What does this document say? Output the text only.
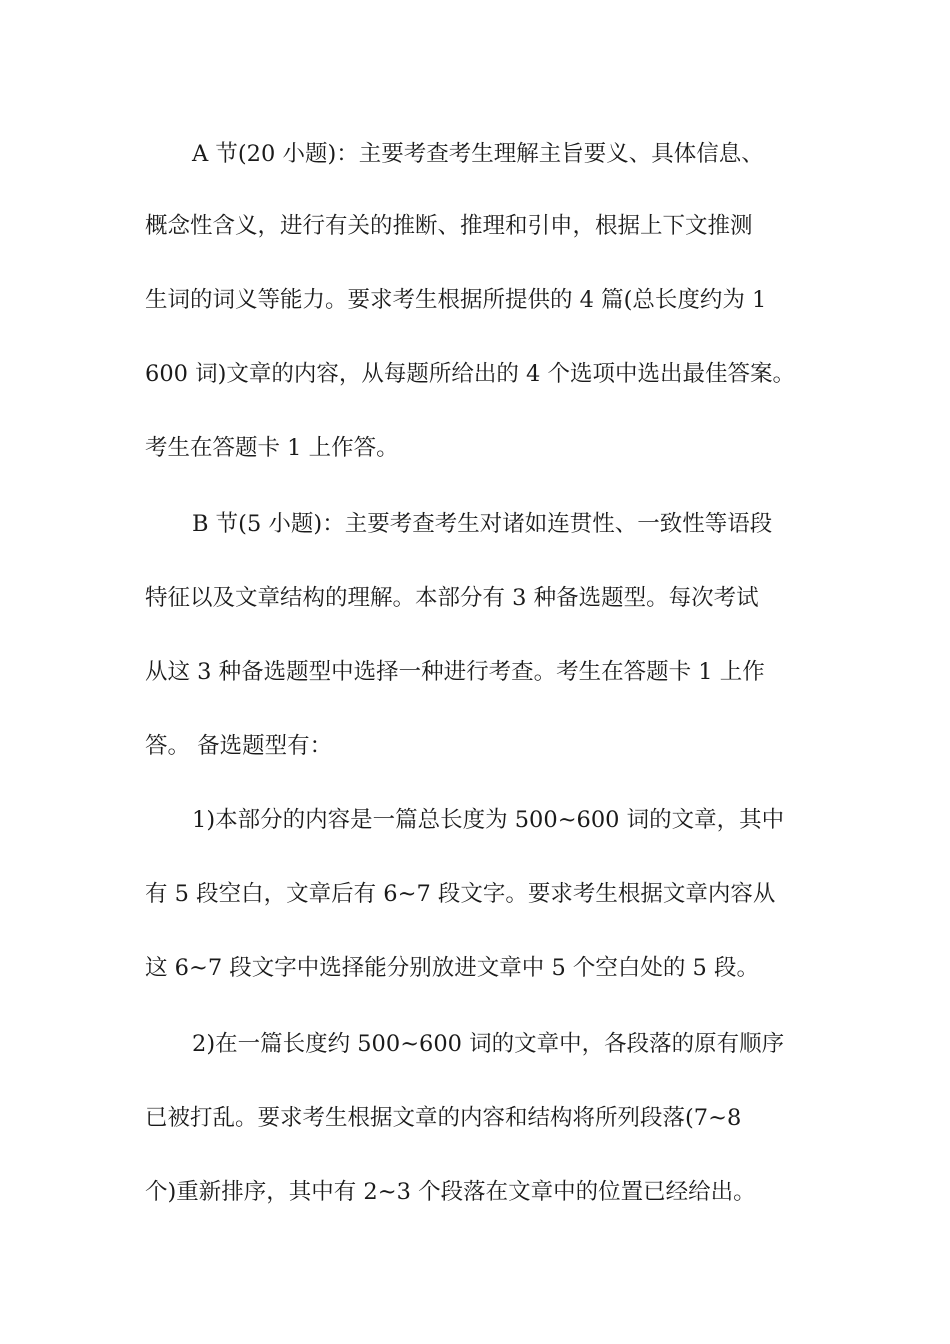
A 节(20 小题)：主要考查考生理解主旨要义、具体信息、
概念性含义，进行有关的推断、推理和引申，根据上下文推测
生词的词义等能力。要求考生根据所提供的 4 篇(总长度约为 1
600 词)文章的内容，从每题所给出的 4 个选项中选出最佳答案。
考生在答题卡 1 上作答。
B 节(5 小题)：主要考查考生对诸如连贯性、一致性等语段
特征以及文章结构的理解。本部分有 3 种备选题型。每次考试
从这 3 种备选题型中选择一种进行考查。考生在答题卡 1 上作
答。 备选题型有：
1)本部分的内容是一篇总长度为 500~600 词的文章，其中
有 5 段空白，文章后有 6~7 段文字。要求考生根据文章内容从
这 6~7 段文字中选择能分别放进文章中 5 个空白处的 5 段。
2)在一篇长度约 500~600 词的文章中，各段落的原有顺序
已被打乱。要求考生根据文章的内容和结构将所列段落(7~8
个)重新排序，其中有 2~3 个段落在文章中的位置已经给出。
